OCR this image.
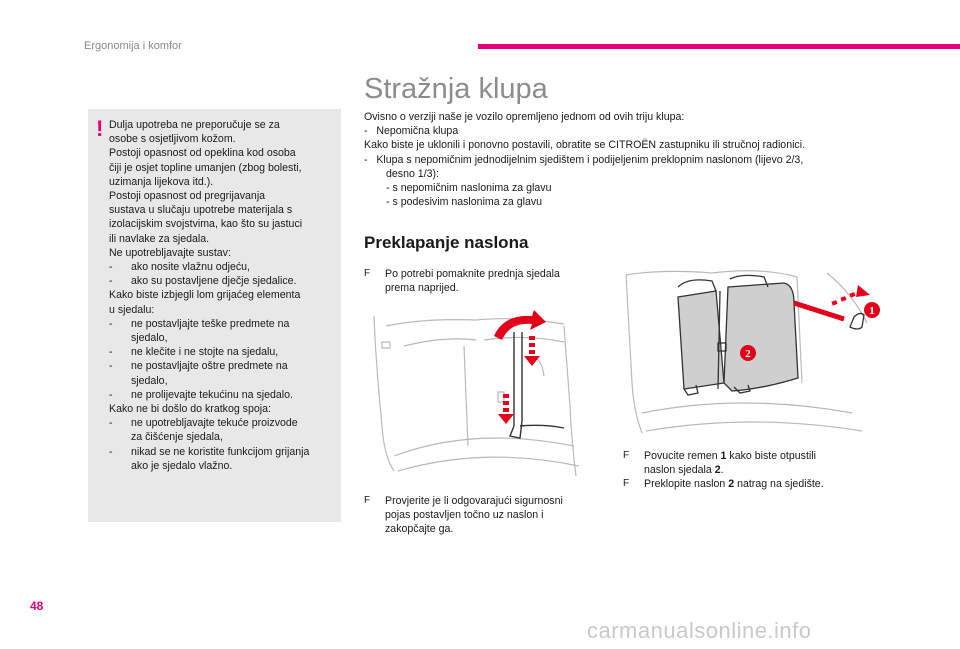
Ergonomija i komfor
! Dulja upotreba ne preporučuje se za
osobe s osjetljivom kožom.
Postoji opasnost od opeklina kod osoba
čiji je osjet topline umanjen (zbog bolesti,
uzimanja lijekova itd.).
Postoji opasnost od pregrijavanja
sustava u slučaju upotrebe materijala s
izolacijskim svojstvima, kao što su jastuci
ili navlake za sjedala.
Ne upotrebljavajte sustav:
- ako nosite vlažnu odjeću,
- ako su postavljene dječje sjedalice.
Kako biste izbjegli lom grijaćeg elementa
u sjedalu:
- ne postavljajte teške predmete na
sjedalo,
- ne klečite i ne stojte na sjedalu,
- ne postavljajte oštre predmete na
sjedalo,
- ne prolijevajte tekućinu na sjedalo.
Kako ne bi došlo do kratkog spoja:
- ne upotrebljavajte tekuće proizvode
za čišćenje sjedala,
- nikad se ne koristite funkcijom grijanja
ako je sjedalo vlažno.
Stražnja klupa
Ovisno o verziji naše je vozilo opremljeno jednom od ovih triju klupa:
-   Nepomična klupa
Kako biste je uklonili i ponovno postavili, obratite se CITROËN zastupniku ili stručnoj radionici.
-   Klupa s nepomičnim jednodijelnim sjedištem i podijeljenim preklopnim naslonom (lijevo 2/3,
desno 1/3):
- s nepomičnim naslonima za glavu
- s podesivim naslonima za glavu
Preklapanje naslona
F Po potrebi pomaknite prednja sjedala
prema naprijed.
F Provjerite je li odgovarajući sigurnosni
pojas postavljen točno uz naslon i
zakopčajte ga.
1
2
F Povucite remen 1 kako biste otpustili
naslon sjedala 2.
F Preklopite naslon 2 natrag na sjedište.
48
carmanualsonline.info
